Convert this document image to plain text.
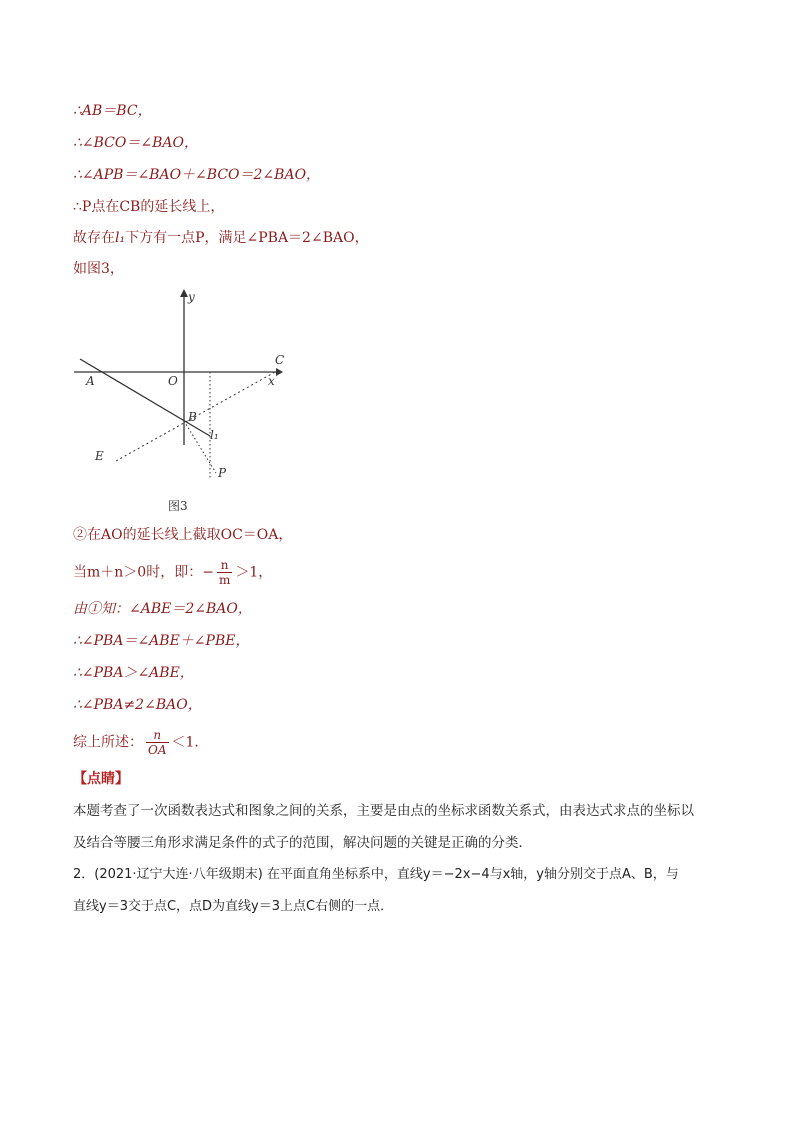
∴AB＝BC，
∴∠BCO＝∠BAO，
∴∠APB＝∠BAO＋∠BCO＝2∠BAO，
∴P点在CB的延长线上，
故存在l₁下方有一点P，满足∠PBA＝2∠BAO，
如图3，
y
x
O
A
B
C
E
P
l₁
图3
②在AO的延长线上截取OC＝OA，
当m＋n＞0时，即：− $\frac{n}{m} >1$，
由①知：∠ABE＝2∠BAO，
∴∠PBA＝∠ABE＋∠PBE，
∴∠PBA＞∠ABE，
∴∠PBA≠2∠BAO，
综上所述： $\frac{n}{OA} <1$．
【点睛】
本题考查了一次函数表达式和图象之间的关系，主要是由点的坐标求函数关系式，由表达式求点的坐标以
及结合等腰三角形求满足条件的式子的范围，解决问题的关键是正确的分类．
2．(2021·辽宁大连·八年级期末) 在平面直角坐标系中，直线y＝−2x−4与x轴，y轴分别交于点A、B，与
直线y＝3交于点C，点D为直线y＝3上点C右侧的一点．
